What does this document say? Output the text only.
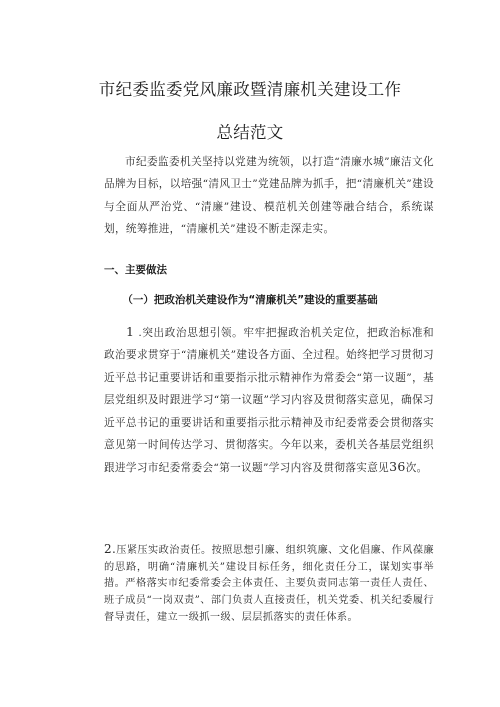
市纪委监委党风廉政暨清廉机关建设工作
总结范文
市纪委监委机关坚持以党建为统领，以打造“清廉水城”廉洁文化品牌为目标，以培强“清风卫士”党建品牌为抓手，把“清廉机关”建设与全面从严治党、“清廉”建设、模范机关创建等融合结合，系统谋划，统筹推进，“清廉机关”建设不断走深走实。
一、主要做法
（一）把政治机关建设作为“清廉机关”建设的重要基础
1 .突出政治思想引领。牢牢把握政治机关定位，把政治标准和政治要求贯穿于“清廉机关”建设各方面、全过程。始终把学习贯彻习近平总书记重要讲话和重要指示批示精神作为常委会“第一议题”，基层党组织及时跟进学习“第一议题”学习内容及贯彻落实意见，确保习近平总书记的重要讲话和重要指示批示精神及市纪委常委会贯彻落实意见第一时间传达学习、贯彻落实。今年以来，委机关各基层党组织跟进学习市纪委常委会“第一议题”学习内容及贯彻落实意见36次。
2.压紧压实政治责任。按照思想引廉、组织筑廉、文化倡廉、作风葆廉的思路，明确“清廉机关”建设目标任务，细化责任分工，谋划实事举措。严格落实市纪委常委会主体责任、主要负责同志第一责任人责任、班子成员“一岗双责”、部门负责人直接责任，机关党委、机关纪委履行督导责任，建立一级抓一级、层层抓落实的责任体系。
